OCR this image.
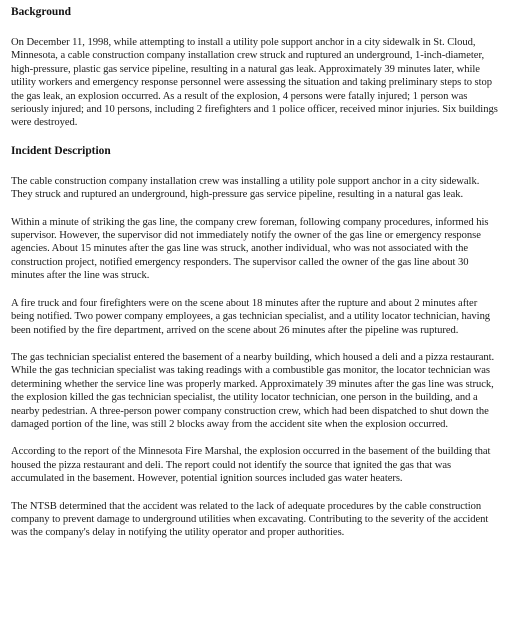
Background

On December 11, 1998, while attempting to install a utility pole support anchor in a city sidewalk in St. Cloud, Minnesota, a cable construction company installation crew struck and ruptured an underground, 1-inch-diameter, high-pressure, plastic gas service pipeline, resulting in a natural gas leak. Approximately 39 minutes later, while utility workers and emergency response personnel were assessing the situation and taking preliminary steps to stop the gas leak, an explosion occurred. As a result of the explosion, 4 persons were fatally injured; 1 person was seriously injured; and 10 persons, including 2 firefighters and 1 police officer, received minor injuries. Six buildings were destroyed.

Incident Description

The cable construction company installation crew was installing a utility pole support anchor in a city sidewalk. They struck and ruptured an underground, high-pressure gas service pipeline, resulting in a natural gas leak.

Within a minute of striking the gas line, the company crew foreman, following company procedures, informed his supervisor. However, the supervisor did not immediately notify the owner of the gas line or emergency response agencies. About 15 minutes after the gas line was struck, another individual, who was not associated with the construction project, notified emergency responders. The supervisor called the owner of the gas line about 30 minutes after the line was struck.

A fire truck and four firefighters were on the scene about 18 minutes after the rupture and about 2 minutes after being notified. Two power company employees, a gas technician specialist, and a utility locator technician, having been notified by the fire department, arrived on the scene about 26 minutes after the pipeline was ruptured.

The gas technician specialist entered the basement of a nearby building, which housed a deli and a pizza restaurant. While the gas technician specialist was taking readings with a combustible gas monitor, the locator technician was determining whether the service line was properly marked. Approximately 39 minutes after the gas line was struck, the explosion killed the gas technician specialist, the utility locator technician, one person in the building, and a nearby pedestrian. A three-person power company construction crew, which had been dispatched to shut down the damaged portion of the line, was still 2 blocks away from the accident site when the explosion occurred.

According to the report of the Minnesota Fire Marshal, the explosion occurred in the basement of the building that housed the pizza restaurant and deli. The report could not identify the source that ignited the gas that was accumulated in the basement. However, potential ignition sources included gas water heaters.

The NTSB determined that the accident was related to the lack of adequate procedures by the cable construction company to prevent damage to underground utilities when excavating. Contributing to the severity of the accident was the company's delay in notifying the utility operator and proper authorities.
